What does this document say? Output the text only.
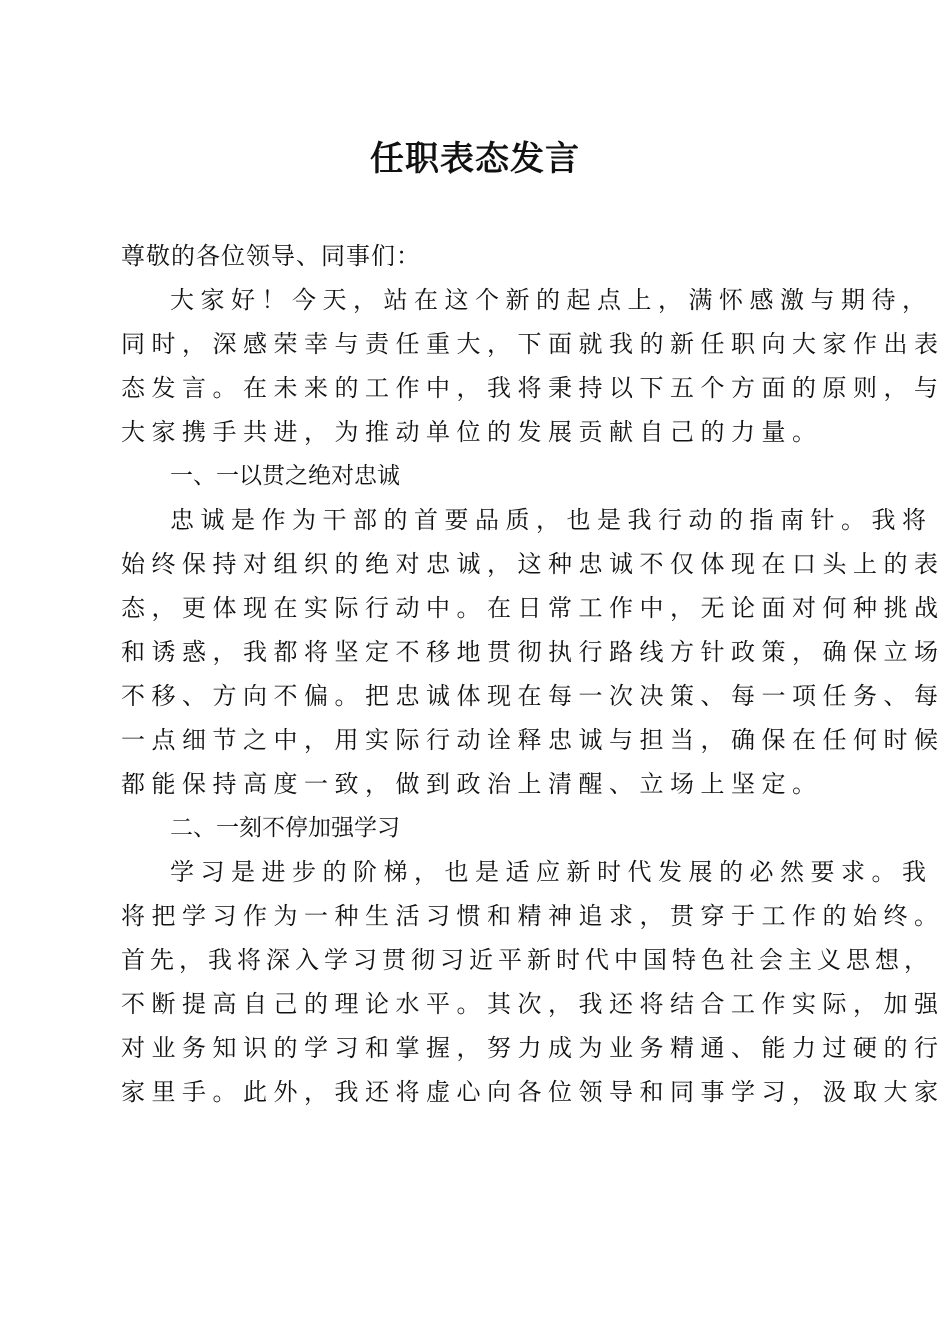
任职表态发言
尊敬的各位领导、同事们：
大家好！今天，站在这个新的起点上，满怀感激与期待，
同时，深感荣幸与责任重大，下面就我的新任职向大家作出表
态发言。在未来的工作中，我将秉持以下五个方面的原则，与
大家携手共进，为推动单位的发展贡献自己的力量。
一、一以贯之绝对忠诚
忠诚是作为干部的首要品质，也是我行动的指南针。我将
始终保持对组织的绝对忠诚，这种忠诚不仅体现在口头上的表
态，更体现在实际行动中。在日常工作中，无论面对何种挑战
和诱惑，我都将坚定不移地贯彻执行路线方针政策，确保立场
不移、方向不偏。把忠诚体现在每一次决策、每一项任务、每
一点细节之中，用实际行动诠释忠诚与担当，确保在任何时候
都能保持高度一致，做到政治上清醒、立场上坚定。
二、一刻不停加强学习
学习是进步的阶梯，也是适应新时代发展的必然要求。我
将把学习作为一种生活习惯和精神追求，贯穿于工作的始终。
首先，我将深入学习贯彻习近平新时代中国特色社会主义思想，
不断提高自己的理论水平。其次，我还将结合工作实际，加强
对业务知识的学习和掌握，努力成为业务精通、能力过硬的行
家里手。此外，我还将虚心向各位领导和同事学习，汲取大家
